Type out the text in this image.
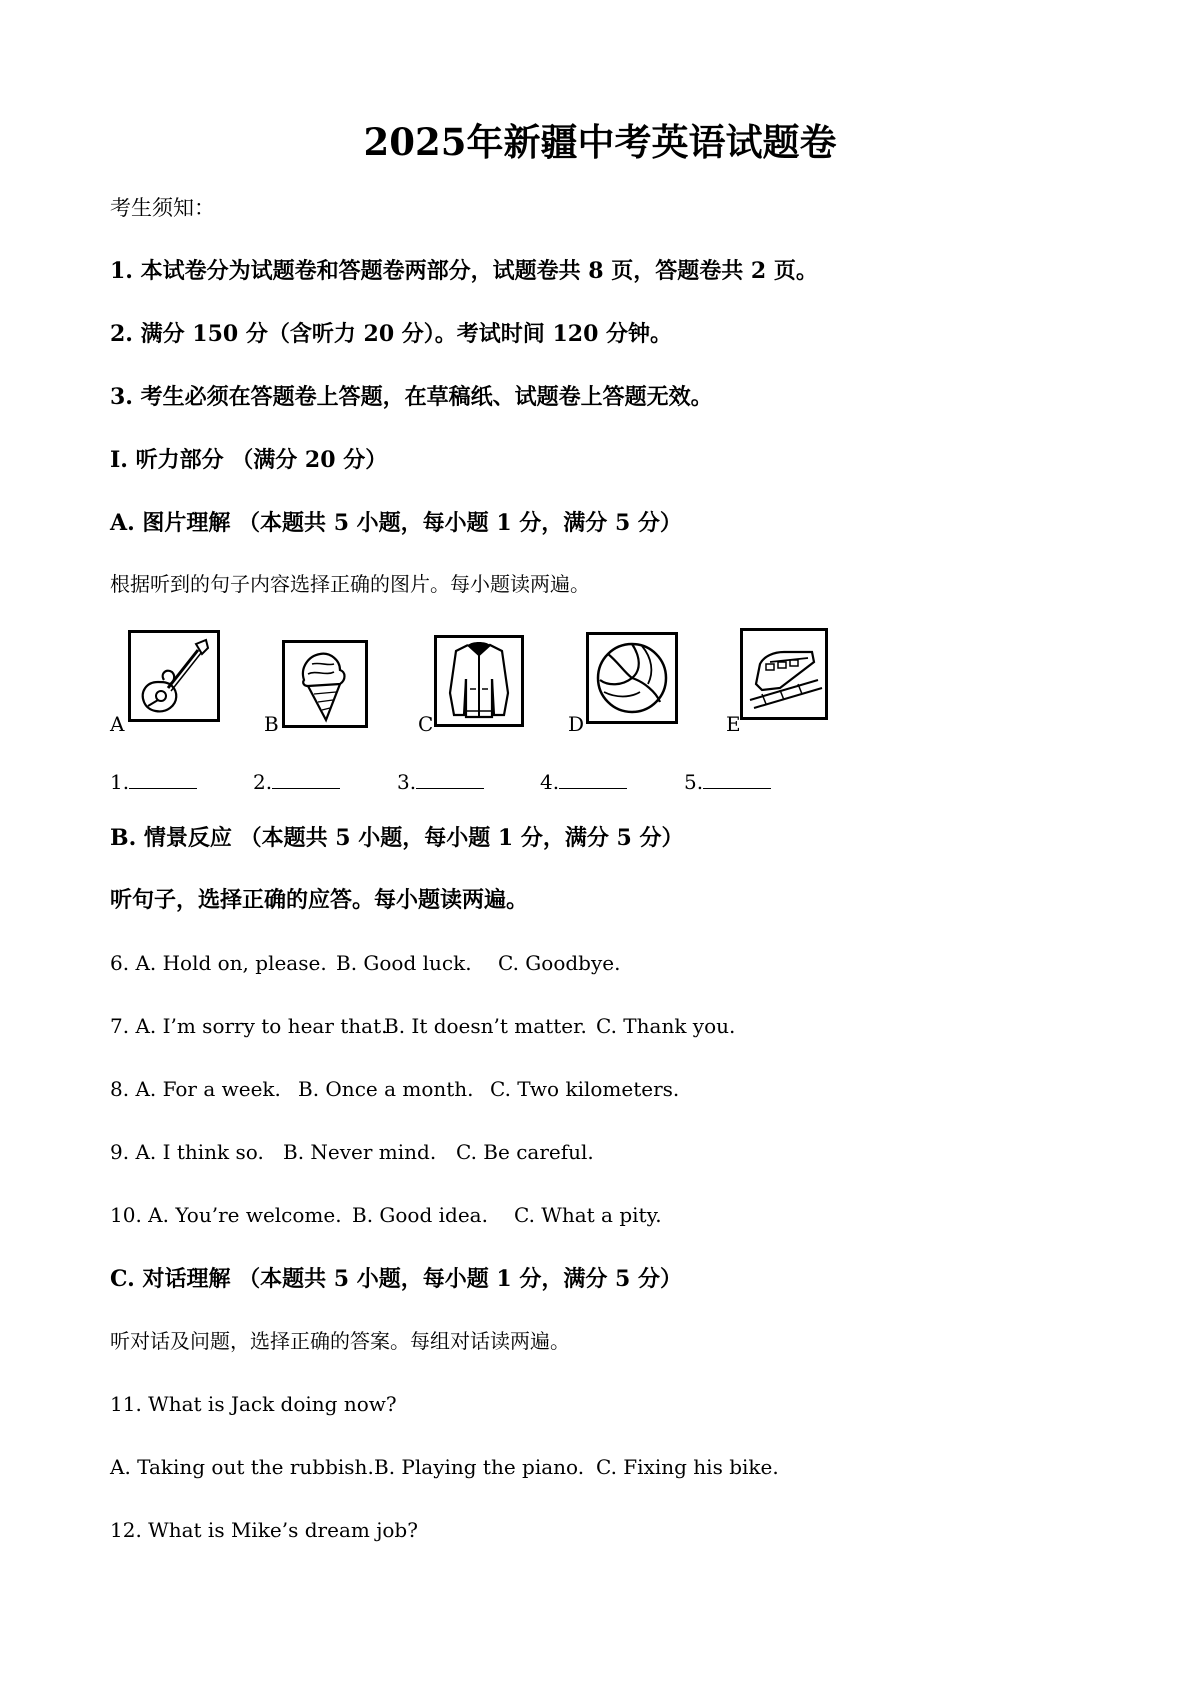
2025年新疆中考英语试题卷
考生须知：
1. 本试卷分为试题卷和答题卷两部分，试题卷共 8 页，答题卷共 2 页。
2. 满分 150 分（含听力 20 分）。考试时间 120 分钟。
3. 考生必须在答题卷上答题，在草稿纸、试题卷上答题无效。
I. 听力部分 （满分 20 分）
A. 图片理解 （本题共 5 小题，每小题 1 分，满分 5 分）
根据听到的句子内容选择正确的图片。每小题读两遍。
A	B	C	D	E
1.	2.	3.	4.	5.
B. 情景反应 （本题共 5 小题，每小题 1 分，满分 5 分）
听句子，选择正确的应答。每小题读两遍。

6. A. Hold on, please.

B. Good luck.

C. Goodbye.

7. A. I’m sorry to hear that.

B. It doesn’t matter.

C. Thank you.

8. A. For a week.

B. Once a month.

C. Two kilometers.

9. A. I think so.

B. Never mind.

C. Be careful.

10. A. You’re welcome.

B. Good idea.

C. What a pity.

C. 对话理解 （本题共 5 小题，每小题 1 分，满分 5 分）
听对话及问题，选择正确的答案。每组对话读两遍。
11. What is Jack doing now?

A. Taking out the rubbish.

B. Playing the piano.

C. Fixing his bike.

12. What is Mike’s dream job?
